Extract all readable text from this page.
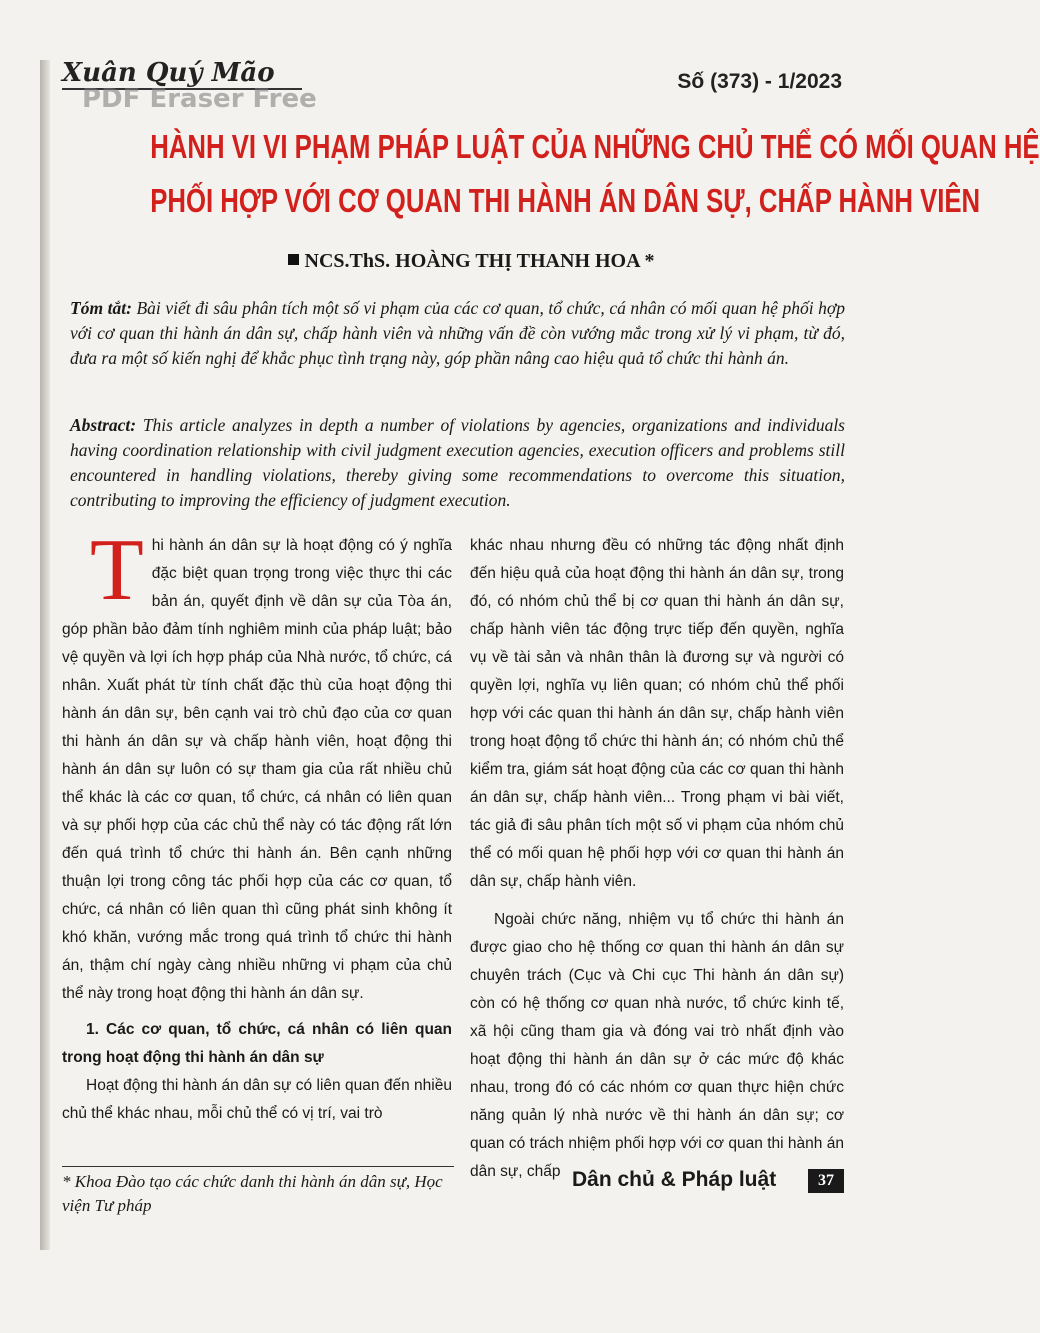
Xuân Quý Mão
PDF Eraser Free
Số (373) - 1/2023
HÀNH VI VI PHẠM PHÁP LUẬT CỦA NHỮNG CHỦ THỂ CÓ MỐI QUAN HỆ
PHỐI HỢP VỚI CƠ QUAN THI HÀNH ÁN DÂN SỰ, CHẤP HÀNH VIÊN
NCS.ThS. HOÀNG THỊ THANH HOA *
Tóm tắt: Bài viết đi sâu phân tích một số vi phạm của các cơ quan, tổ chức, cá nhân có mối quan hệ phối hợp với cơ quan thi hành án dân sự, chấp hành viên và những vấn đề còn vướng mắc trong xử lý vi phạm, từ đó, đưa ra một số kiến nghị để khắc phục tình trạng này, góp phần nâng cao hiệu quả tổ chức thi hành án.
Abstract: This article analyzes in depth a number of violations by agencies, organizations and individuals having coordination relationship with civil judgment execution agencies, execution officers and problems still encountered in handling violations, thereby giving some recommendations to overcome this situation, contributing to improving the efficiency of judgment execution.

Thi hành án dân sự là hoạt động có ý nghĩa đặc biệt quan trọng trong việc thực thi các bản án, quyết định về dân sự của Tòa án, góp phần bảo đảm tính nghiêm minh của pháp luật; bảo vệ quyền và lợi ích hợp pháp của Nhà nước, tổ chức, cá nhân. Xuất phát từ tính chất đặc thù của hoạt động thi hành án dân sự, bên cạnh vai trò chủ đạo của cơ quan thi hành án dân sự và chấp hành viên, hoạt động thi hành án dân sự luôn có sự tham gia của rất nhiều chủ thể khác là các cơ quan, tổ chức, cá nhân có liên quan và sự phối hợp của các chủ thể này có tác động rất lớn đến quá trình tổ chức thi hành án. Bên cạnh những thuận lợi trong công tác phối hợp của các cơ quan, tổ chức, cá nhân có liên quan thì cũng phát sinh không ít khó khăn, vướng mắc trong quá trình tổ chức thi hành án, thậm chí ngày càng nhiều những vi phạm của chủ thể này trong hoạt động thi hành án dân sự.

1. Các cơ quan, tổ chức, cá nhân có liên quan trong hoạt động thi hành án dân sự

Hoạt động thi hành án dân sự có liên quan đến nhiều chủ thể khác nhau, mỗi chủ thể có vị trí, vai trò

khác nhau nhưng đều có những tác động nhất định đến hiệu quả của hoạt động thi hành án dân sự, trong đó, có nhóm chủ thể bị cơ quan thi hành án dân sự, chấp hành viên tác động trực tiếp đến quyền, nghĩa vụ về tài sản và nhân thân là đương sự và người có quyền lợi, nghĩa vụ liên quan; có nhóm chủ thể phối hợp với các quan thi hành án dân sự, chấp hành viên trong hoạt động tổ chức thi hành án; có nhóm chủ thể kiểm tra, giám sát hoạt động của các cơ quan thi hành án dân sự, chấp hành viên... Trong phạm vi bài viết, tác giả đi sâu phân tích một số vi phạm của nhóm chủ thể có mối quan hệ phối hợp với cơ quan thi hành án dân sự, chấp hành viên.

Ngoài chức năng, nhiệm vụ tổ chức thi hành án được giao cho hệ thống cơ quan thi hành án dân sự chuyên trách (Cục và Chi cục Thi hành án dân sự) còn có hệ thống cơ quan nhà nước, tổ chức kinh tế, xã hội cũng tham gia và đóng vai trò nhất định vào hoạt động thi hành án dân sự ở các mức độ khác nhau, trong đó có các nhóm cơ quan thực hiện chức năng quản lý nhà nước về thi hành án dân sự; cơ quan có trách nhiệm phối hợp với cơ quan thi hành án dân sự, chấp

* Khoa Đào tạo các chức danh thi hành án dân sự, Học viện Tư pháp
Dân chủ & Pháp luật	37
